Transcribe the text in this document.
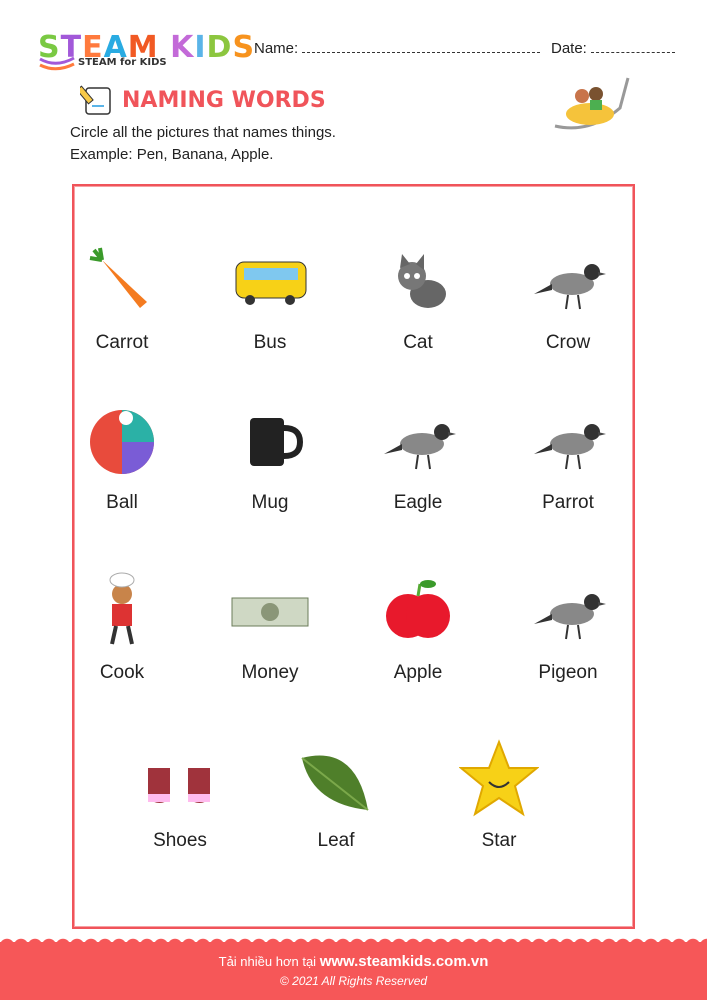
STEAM KIDS
STEAM for KIDS
Name:	Date:
NAMING WORDS
Circle all the pictures that names things.
Example: Pen, Banana, Apple.
Carrot	Bus	Cat	Crow
Ball	Mug	Eagle	Parrot
Cook	Money	Apple	Pigeon
Shoes	Leaf	Star
Tải nhiều hơn tại www.steamkids.com.vn
© 2021 All Rights Reserved
